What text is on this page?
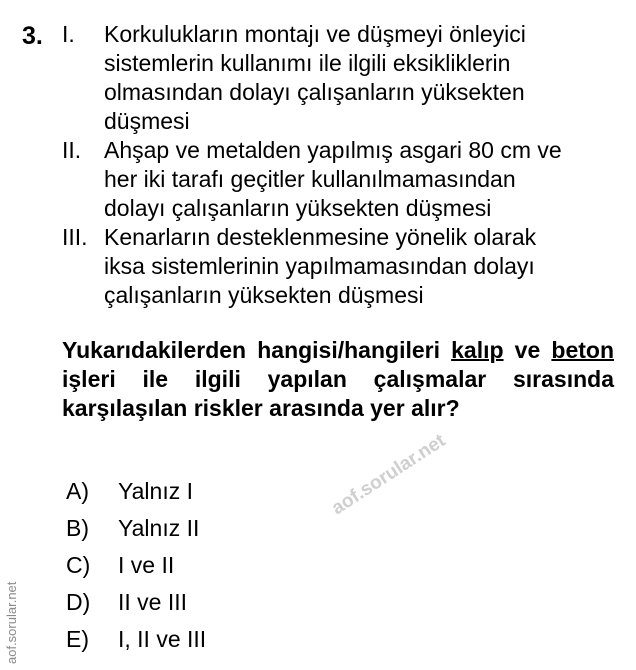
3. I. Korkulukların montajı ve düşmeyi önleyici
sistemlerin kullanımı ile ilgili eksikliklerin
olmasından dolayı çalışanların yüksekten
düşmesi
II. Ahşap ve metalden yapılmış asgari 80 cm ve
her iki tarafı geçitler kullanılmamasından
dolayı çalışanların yüksekten düşmesi
III. Kenarların desteklenmesine yönelik olarak
iksa sistemlerinin yapılmamasından dolayı
çalışanların yüksekten düşmesi
Yukarıdakilerden hangisi/hangileri kalıp ve beton işleri ile ilgili yapılan çalışmalar sırasında karşılaşılan riskler arasında yer alır?
aof.sorular.net
A) Yalnız I
B) Yalnız II
C) I ve II
D) II ve III
E) I, II ve III
aof.sorular.net
